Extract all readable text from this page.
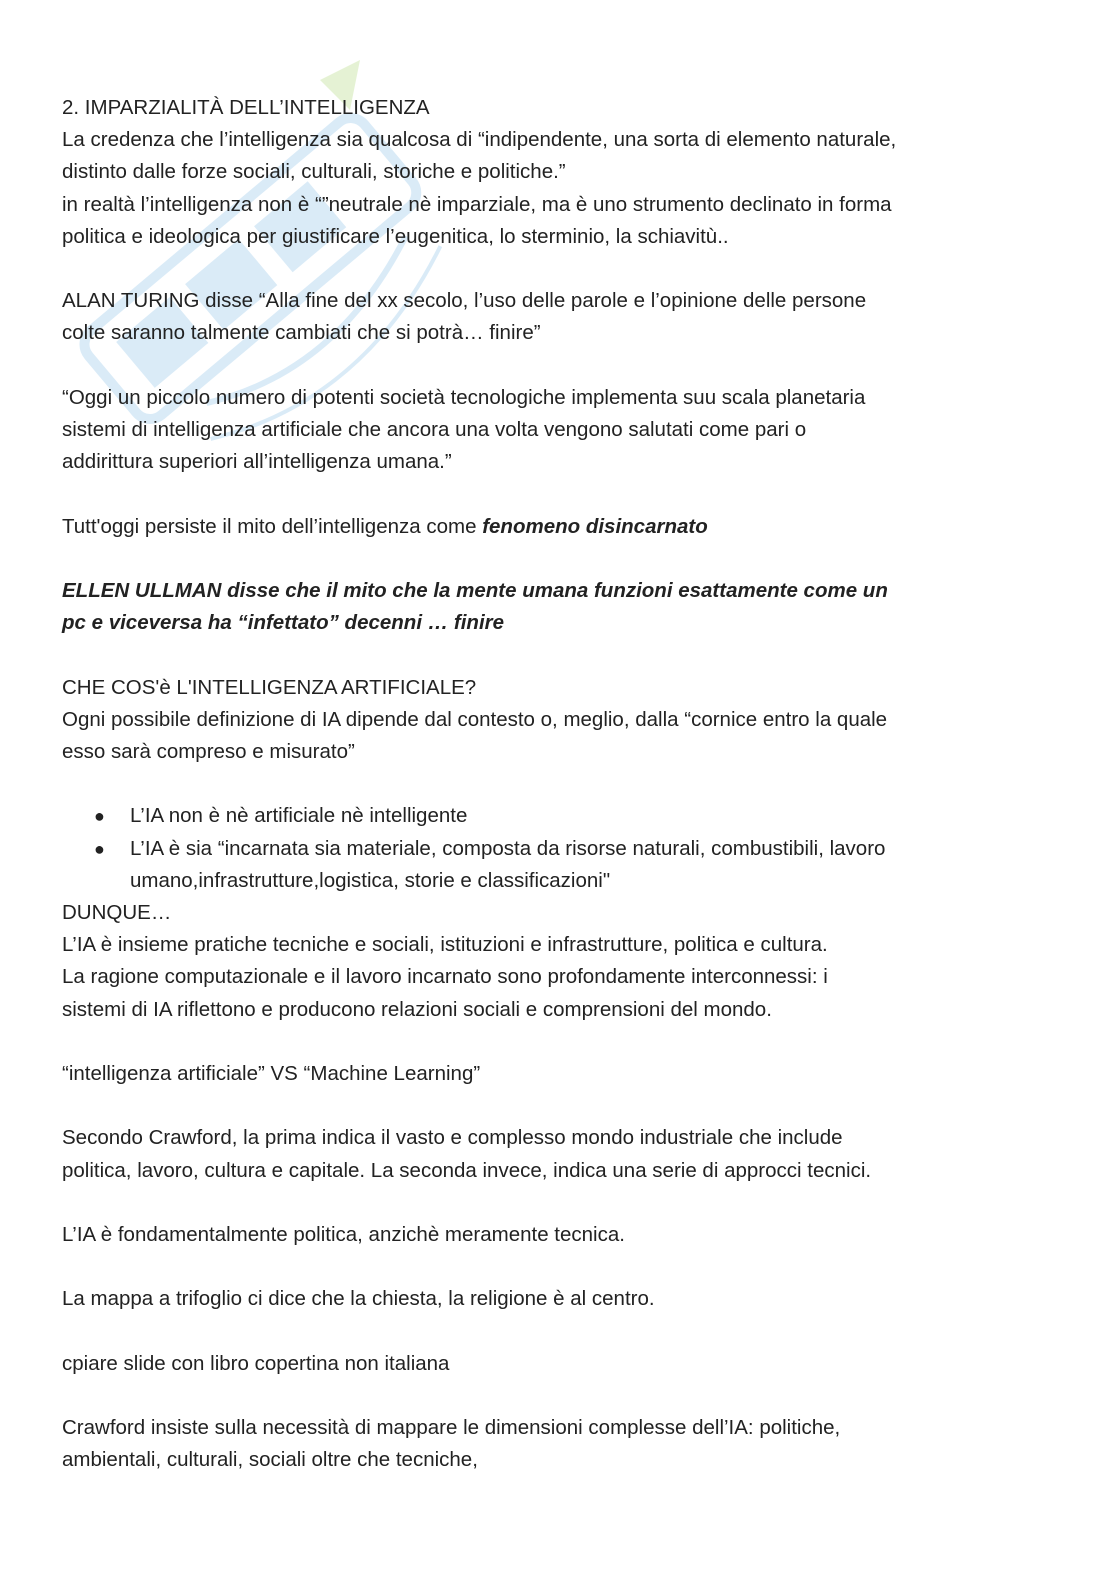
2. IMPARZIALITÀ DELL’INTELLIGENZA

La credenza che l’intelligenza sia qualcosa di “indipendente, una sorta di elemento naturale,

distinto dalle forze sociali, culturali, storiche e politiche.”

in realtà l’intelligenza non è “”neutrale nè imparziale, ma è uno strumento declinato in forma

politica e ideologica per giustificare l’eugenitica, lo sterminio, la schiavitù..

ALAN TURING disse “Alla fine del xx secolo, l’uso delle parole e l’opinione delle persone

colte saranno talmente cambiati che si potrà… finire”

“Oggi un piccolo numero di potenti società tecnologiche implementa suu scala planetaria

sistemi di intelligenza artificiale che ancora una volta vengono salutati come pari o

addirittura superiori all’intelligenza umana.”

Tutt'oggi persiste il mito dell’intelligenza come fenomeno disincarnato

ELLEN ULLMAN disse che il mito che la mente umana funzioni esattamente come un

pc e viceversa ha “infettato” decenni … finire

CHE COS'è L'INTELLIGENZA ARTIFICIALE?

Ogni possibile definizione di IA dipende dal contesto o, meglio, dalla “cornice entro la quale

esso sarà compreso e misurato”

● L’IA non è nè artificiale nè intelligente
● L’IA è sia “incarnata sia materiale, composta da risorse naturali, combustibili, lavoro
umano,infrastrutture,logistica, storie e classificazioni"

DUNQUE…

L’IA è insieme pratiche tecniche e sociali, istituzioni e infrastrutture, politica e cultura.

La ragione computazionale e il lavoro incarnato sono profondamente interconnessi: i

sistemi di IA riflettono e producono relazioni sociali e comprensioni del mondo.

“intelligenza artificiale” VS “Machine Learning”

Secondo Crawford, la prima indica il vasto e complesso mondo industriale che include

politica, lavoro, cultura e capitale. La seconda invece, indica una serie di approcci tecnici.

L’IA è fondamentalmente politica, anzichè meramente tecnica.

La mappa a trifoglio ci dice che la chiesta, la religione è al centro.

cpiare slide con libro copertina non italiana

Crawford insiste sulla necessità di mappare le dimensioni complesse dell’IA: politiche,

ambientali, culturali, sociali oltre che tecniche,
